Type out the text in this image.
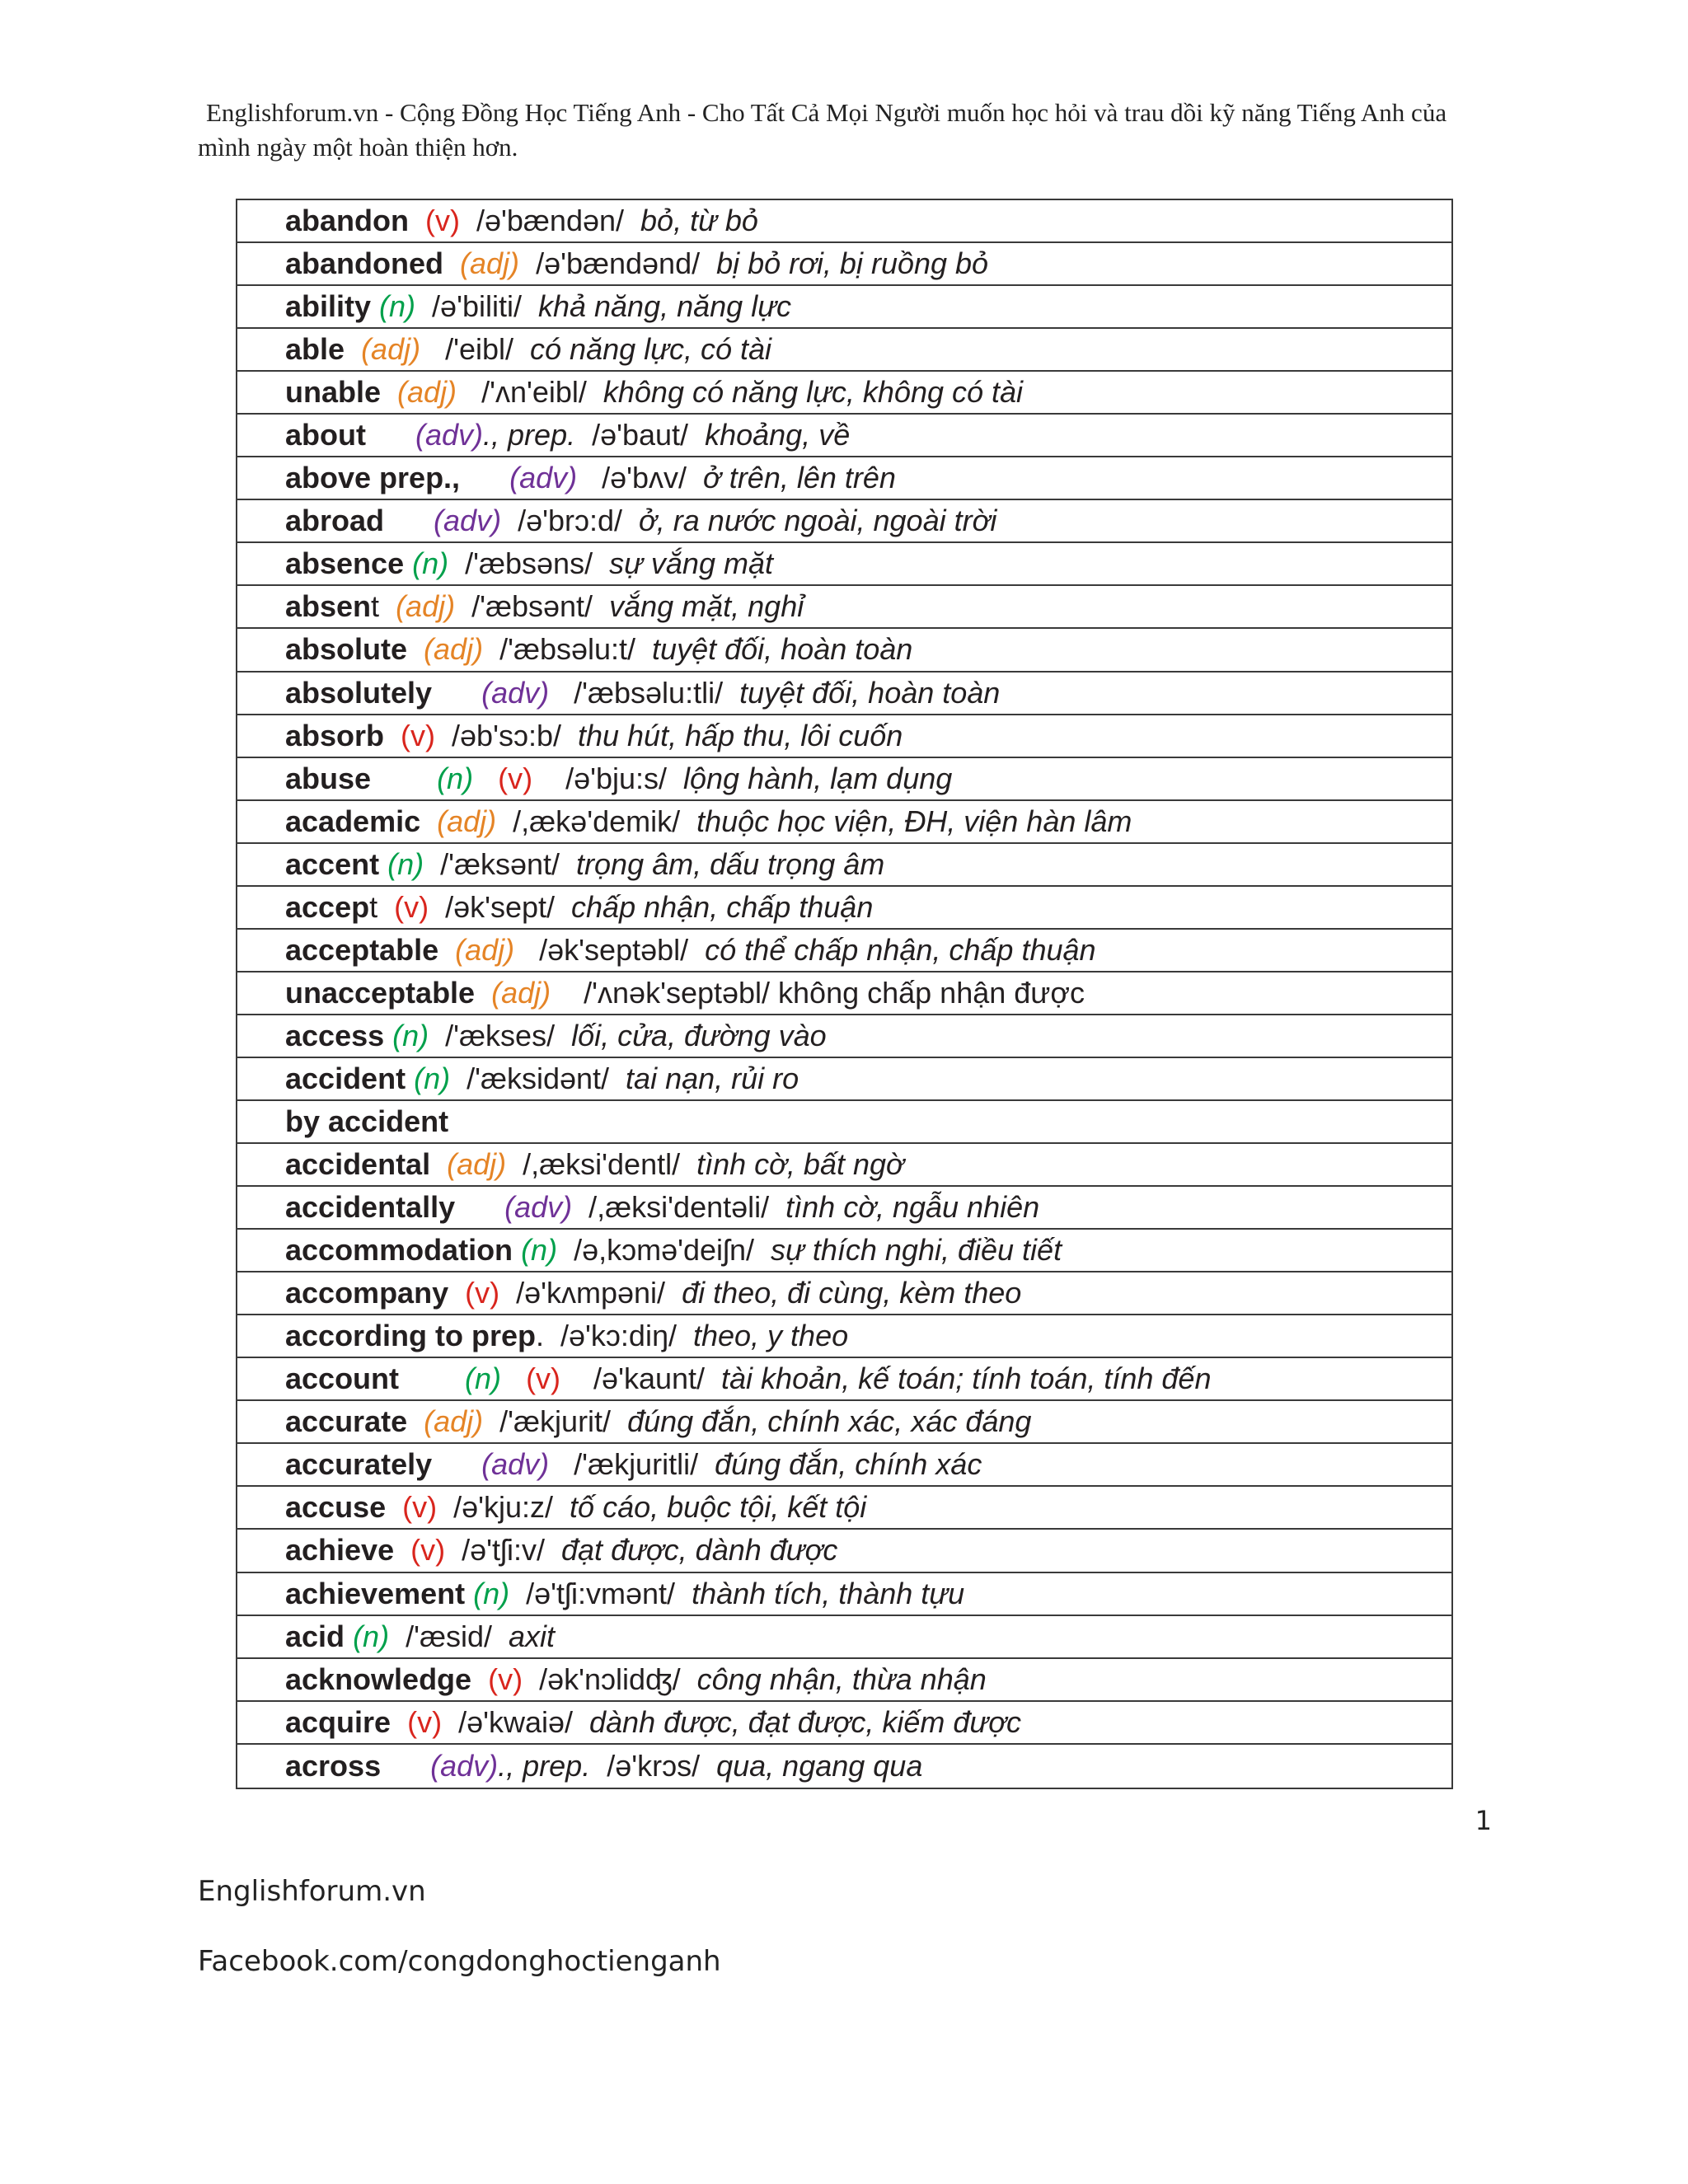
Englishforum.vn - Cộng Đồng Học Tiếng Anh - Cho Tất Cả Mọi Người muốn học hỏi và trau dồi kỹ năng Tiếng Anh của
mình ngày một hoàn thiện hơn.
abandon
(v) /ə'bændən/ bỏ, từ bỏ
abandoned
(adj) /ə'bændənd/ bị bỏ rơi, bị ruồng bỏ
ability
(n) /ə'biliti/ khả năng, năng lực
able
(adj) /'eibl/ có năng lực, có tài
unable
(adj) /'ʌn'eibl/ không có năng lực, không có tài
about
(adv) ., prep. /ə'baut/ khoảng, về
above prep.,
(adv) /ə'bʌv/ ở trên, lên trên
abroad
(adv) /ə'brɔ:d/ ở, ra nước ngoài, ngoài trời
absence
(n) /'æbsəns/ sự vắng mặt
absen t (adj) /'æbsənt/ vắng mặt, nghỉ
absolute
(adj) /'æbsəlu:t/ tuyệt đối, hoàn toàn
absolutely
(adv) /'æbsəlu:tli/ tuyệt đối, hoàn toàn
absorb
(v) /əb'sɔ:b/ thu hút, hấp thu, lôi cuốn
abuse
(n)
(v) /ə'bju:s/ lộng hành, lạm dụng
academic
(adj) /,ækə'demik/ thuộc học viện, ĐH, viện hàn lâm
accent
(n) /'æksənt/ trọng âm, dấu trọng âm
accep t (v) /ək'sept/ chấp nhận, chấp thuận
acceptable
(adj) /ək'septəbl/ có thể chấp nhận, chấp thuận
unacceptable
(adj) /'ʌnək'septəbl/ không chấp nhận được
access
(n) /'ækses/ lối, cửa, đường vào
accident
(n) /'æksidənt/ tai nạn, rủi ro
by accident
accidental
(adj) /,æksi'dentl/ tình cờ, bất ngờ
accidentally
(adv) /,æksi'dentəli/ tình cờ, ngẫu nhiên
accommodation
(n) /ə,kɔmə'deiʃn/ sự thích nghi, điều tiết
accompany
(v) /ə'kʌmpəni/ đi theo, đi cùng, kèm theo
according to prep .  /ə'kɔ:diŋ/ theo, y theo
account
(n)
(v) /ə'kaunt/ tài khoản, kế toán; tính toán, tính đến
accurate
(adj) /'ækjurit/ đúng đắn, chính xác, xác đáng
accurately
(adv) /'ækjuritli/ đúng đắn, chính xác
accuse
(v) /ə'kju:z/ tố cáo, buộc tội, kết tội
achieve
(v) /ə'tʃi:v/ đạt được, dành được
achievement
(n) /ə'tʃi:vmənt/ thành tích, thành tựu
acid
(n) /'æsid/ axit
acknowledge
(v) /ək'nɔlidʤ/ công nhận, thừa nhận
acquire
(v) /ə'kwaiə/ dành được, đạt được, kiếm được
across
(adv) ., prep. /ə'krɔs/ qua, ngang qua
1
Englishforum.vn
Facebook.com/congdonghoctienganh
